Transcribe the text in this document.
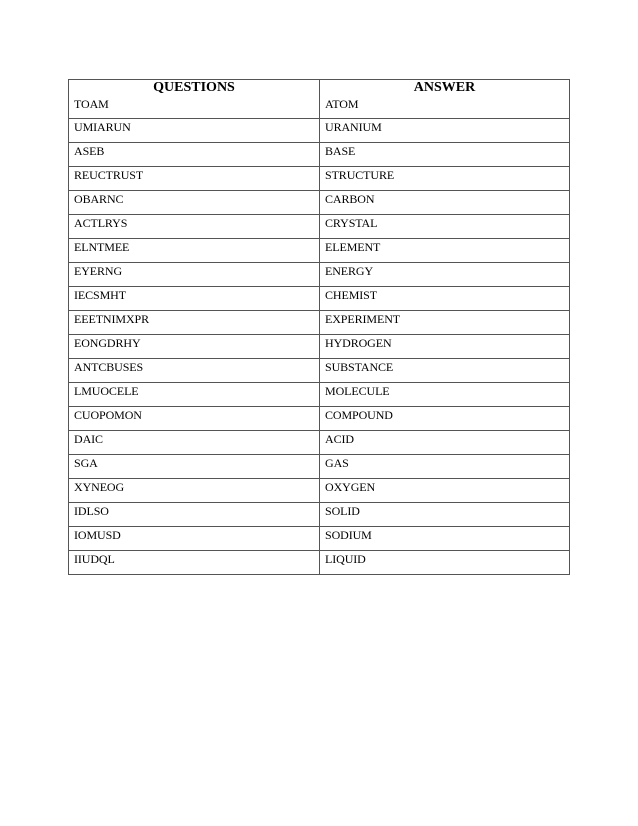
QUESTIONS	ANSWER
TOAM	ATOM
UMIARUN	URANIUM
ASEB	BASE
REUCTRUST	STRUCTURE
OBARNC	CARBON
ACTLRYS	CRYSTAL
ELNTMEE	ELEMENT
EYERNG	ENERGY
IECSMHT	CHEMIST
EEETNIMXPR	EXPERIMENT
EONGDRHY	HYDROGEN
ANTCBUSES	SUBSTANCE
LMUOCELE	MOLECULE
CUOPOMON	COMPOUND
DAIC	ACID
SGA	GAS
XYNEOG	OXYGEN
IDLSO	SOLID
IOMUSD	SODIUM
IIUDQL	LIQUID
